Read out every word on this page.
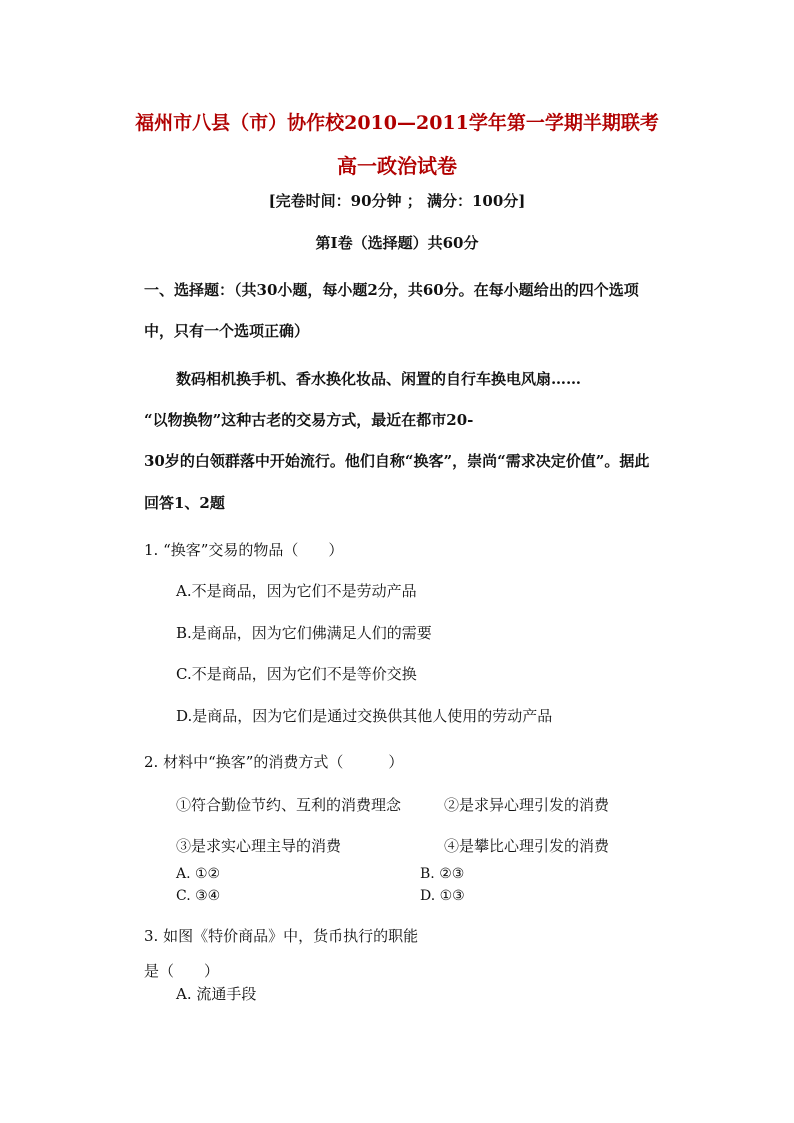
福州市八县（市）协作校2010—2011学年第一学期半期联考
高一政治试卷
[完卷时间：90分钟 ； 满分：100分]
第Ⅰ卷（选择题）共60分
一、选择题：（共30小题，每小题2分，共60分。在每小题给出的四个选项
中，只有一个选项正确）
数码相机换手机、香水换化妆品、闲置的自行车换电风扇……
“以物换物”这种古老的交易方式，最近在都市20-
30岁的白领群落中开始流行。他们自称“换客”，崇尚“需求决定价值”。据此
回答1、2题
1. “换客”交易的物品（　　）
A.不是商品，因为它们不是劳动产品
B.是商品，因为它们佛满足人们的需要
C.不是商品，因为它们不是等价交换
D.是商品，因为它们是通过交换供其他人使用的劳动产品
2. 材料中“换客”的消费方式（　　　）
①符合勤俭节约、互利的消费理念	②是求异心理引发的消费
③是求实心理主导的消费	④是攀比心理引发的消费
A. ①②	B. ②③
C. ③④	D. ①③
3. 如图《特价商品》中，货币执行的职能
是（　　）
A. 流通手段
